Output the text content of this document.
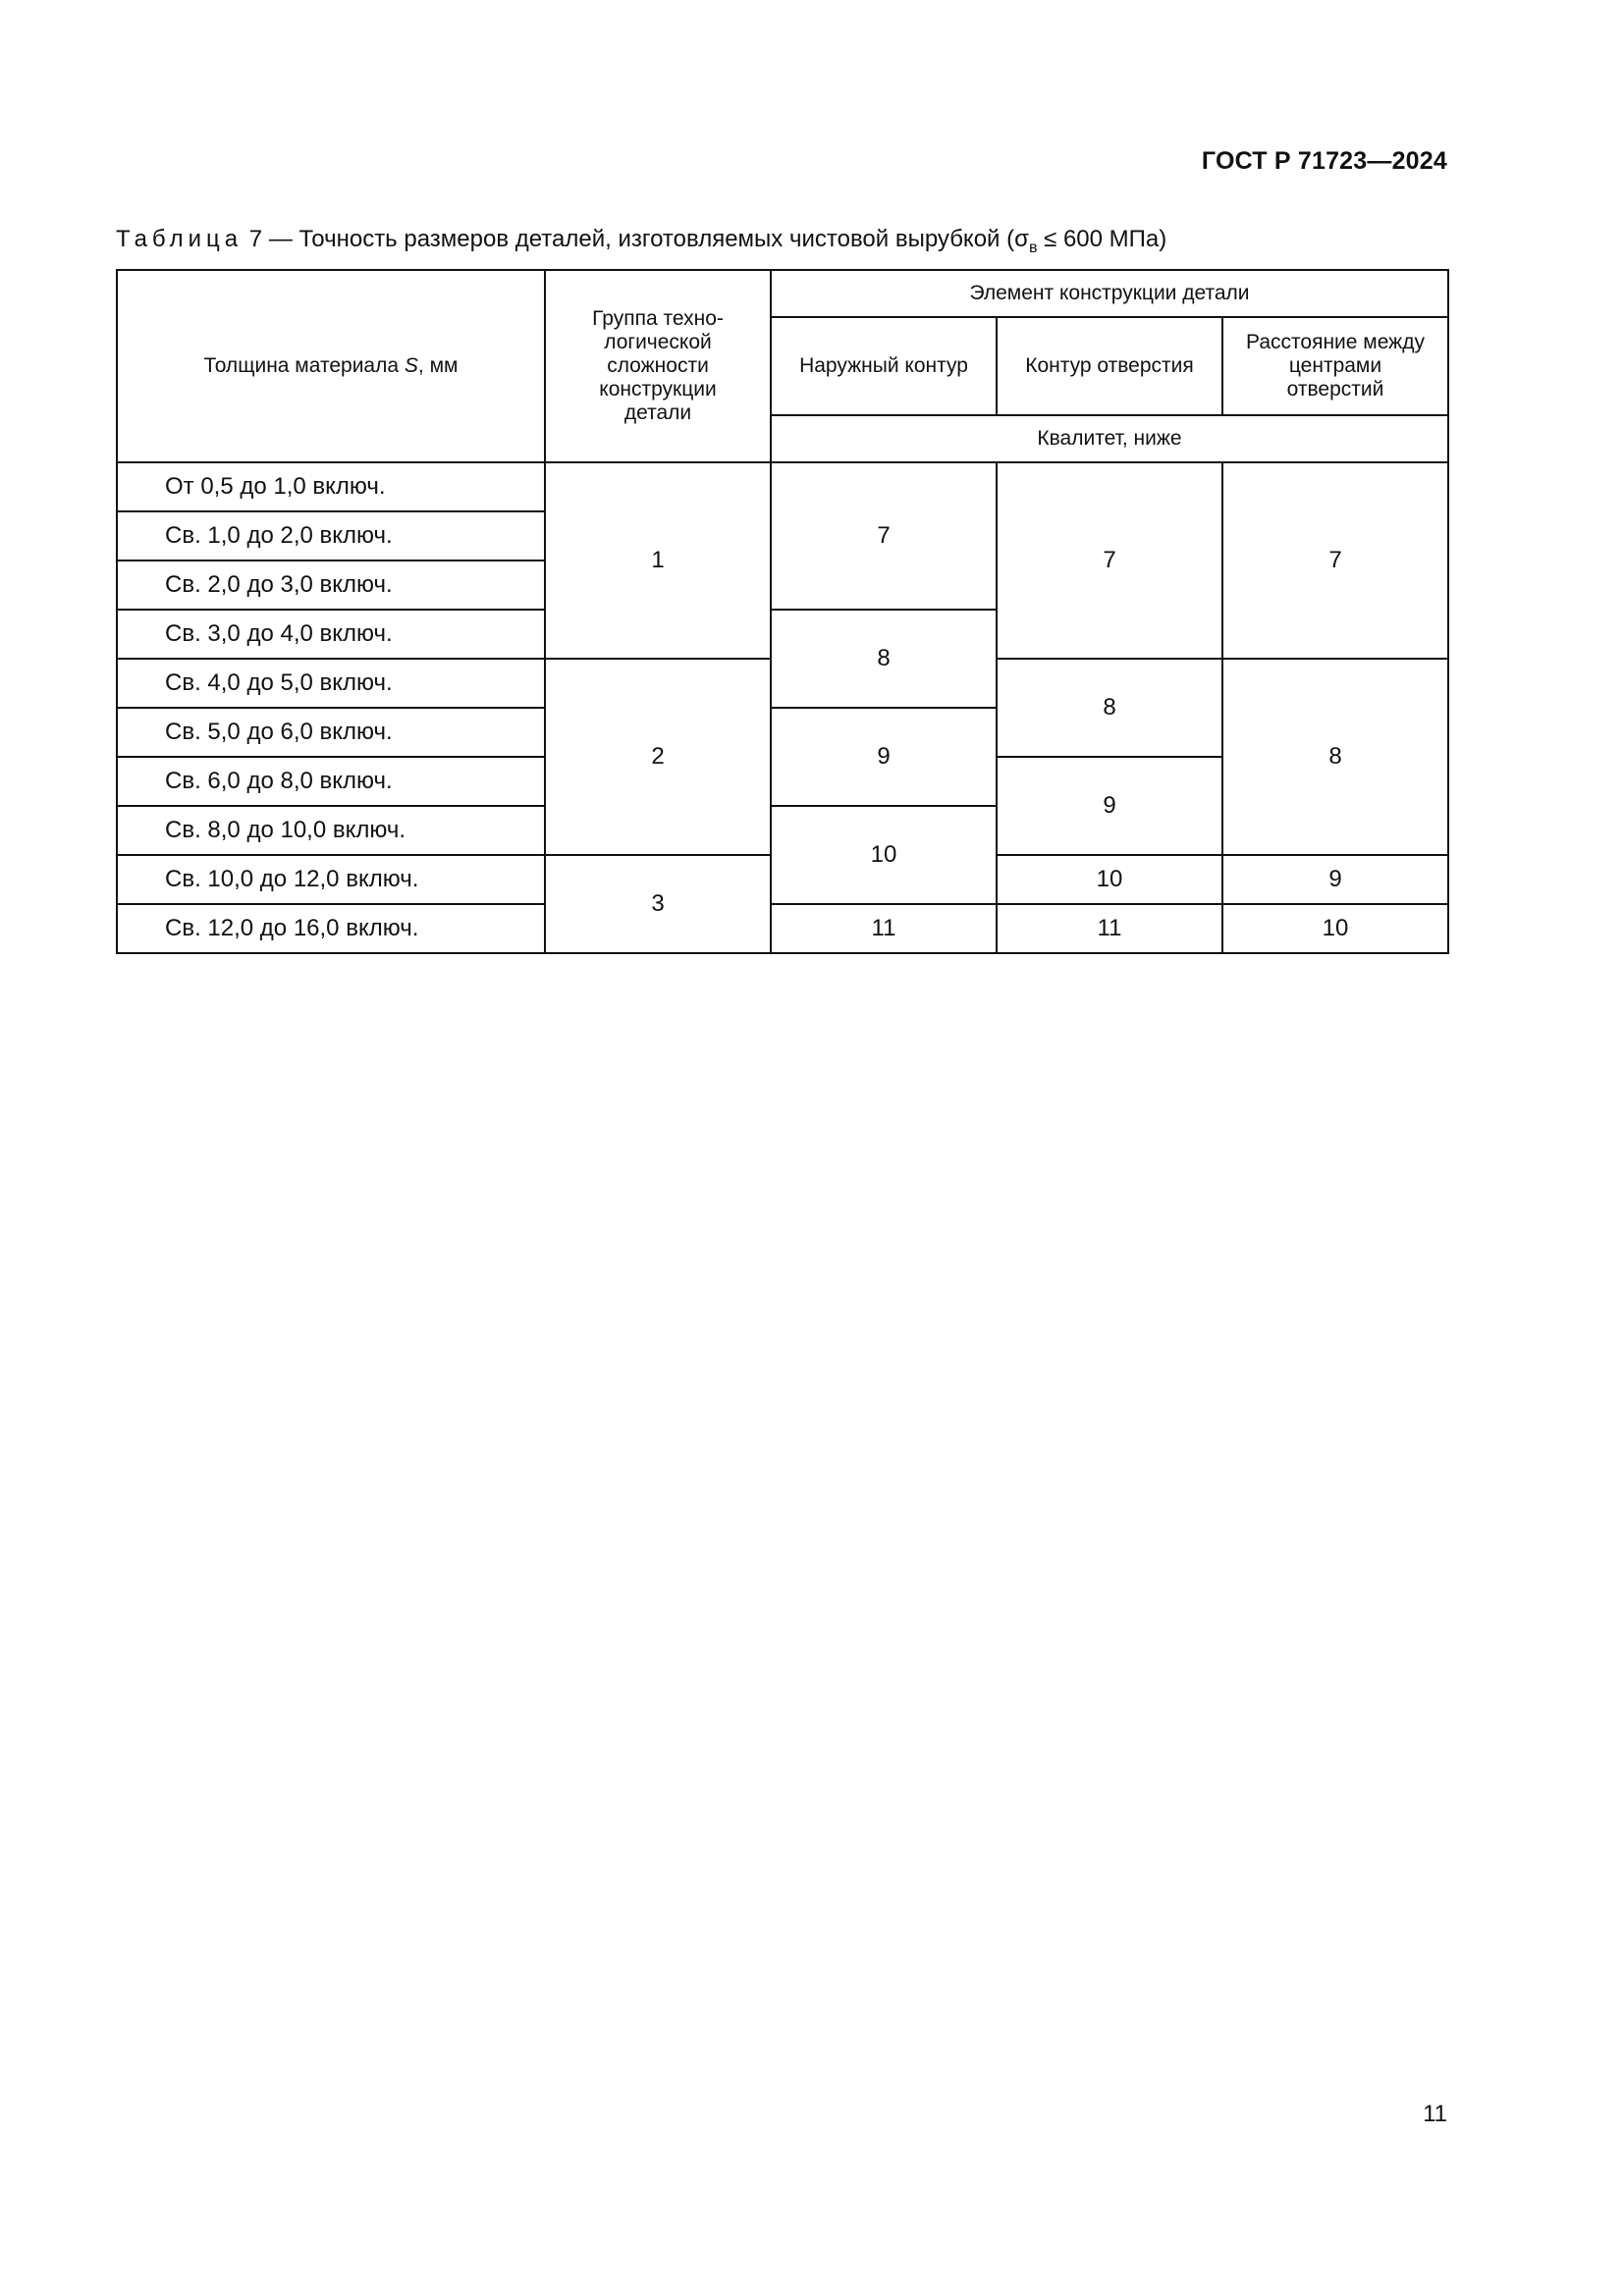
ГОСТ Р 71723—2024
Таблица 7 — Точность размеров деталей, изготовляемых чистовой вырубкой ($\sigma_в \le 600$ МПа)
Толщина материала S, мм	Группа техно-логической сложности конструкции детали	Элемент конструкции детали		
		Наружный контур	Контур отверстия	Расстояние между центрами отверстий
		Квалитет, ниже		
От 0,5 до 1,0 включ.	1	7	7	7
Св. 1,0 до 2,0 включ.				
Св. 2,0 до 3,0 включ.				
Св. 3,0 до 4,0 включ.		8		
Св. 4,0 до 5,0 включ.	2		8	8
Св. 5,0 до 6,0 включ.		9		
Св. 6,0 до 8,0 включ.			9	
Св. 8,0 до 10,0 включ.		10		
Св. 10,0 до 12,0 включ.	3		10	9
Св. 12,0 до 16,0 включ.		11	11	10
11
